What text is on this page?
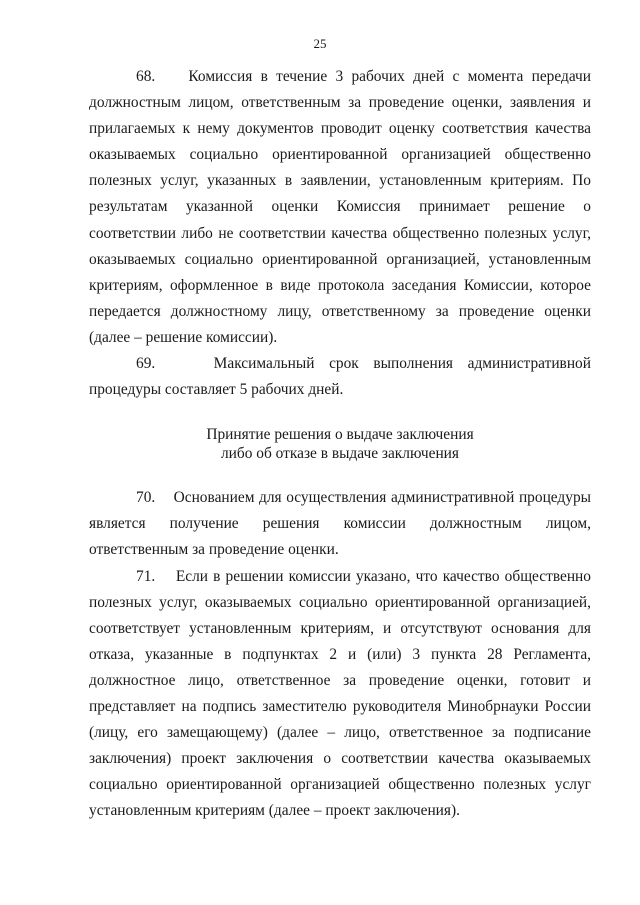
25

68. Комиссия в течение 3 рабочих дней с момента передачи должностным лицом, ответственным за проведение оценки, заявления и прилагаемых к нему документов проводит оценку соответствия качества оказываемых социально ориентированной организацией общественно полезных услуг, указанных в заявлении, установленным критериям. По результатам указанной оценки Комиссия принимает решение о соответствии либо не соответствии качества общественно полезных услуг, оказываемых социально ориентированной организацией, установленным критериям, оформленное в виде протокола заседания Комиссии, которое передается должностному лицу, ответственному за проведение оценки (далее – решение комиссии).

69.	Максимальный срок выполнения административной процедуры составляет 5 рабочих дней.

Принятие решения о выдаче заключения
либо об отказе в выдаче заключения

70. Основанием для осуществления административной процедуры является получение решения комиссии должностным лицом, ответственным за проведение оценки.

71. Если в решении комиссии указано, что качество общественно полезных услуг, оказываемых социально ориентированной организацией, соответствует установленным критериям, и отсутствуют основания для отказа, указанные в подпунктах 2 и (или) 3 пункта 28 Регламента, должностное лицо, ответственное за проведение оценки, готовит и представляет на подпись заместителю руководителя Минобрнауки России (лицу, его замещающему) (далее – лицо, ответственное за подписание заключения) проект заключения о соответствии качества оказываемых социально ориентированной организацией общественно полезных услуг установленным критериям (далее – проект заключения).
